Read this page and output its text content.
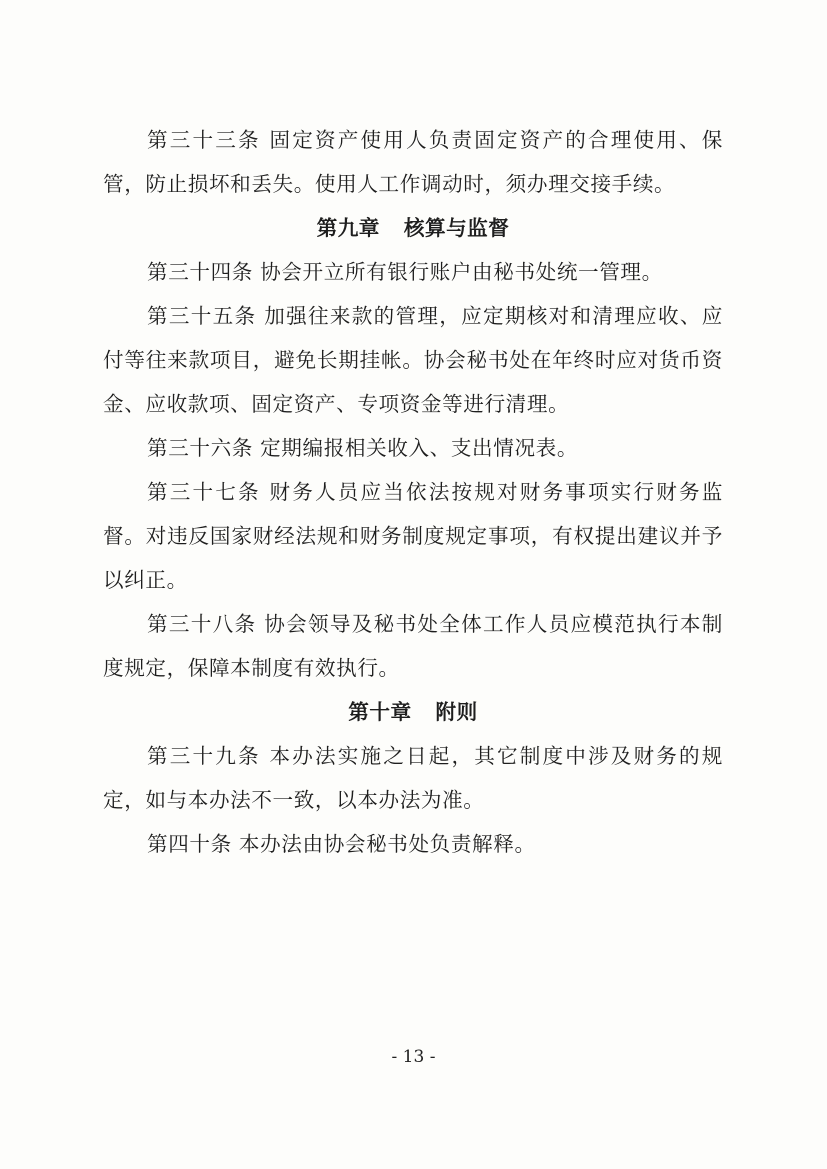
第三十三条 固定资产使用人负责固定资产的合理使用、保管，防止损坏和丢失。使用人工作调动时，须办理交接手续。

第九章 核算与监督

第三十四条 协会开立所有银行账户由秘书处统一管理。

第三十五条 加强往来款的管理，应定期核对和清理应收、应付等往来款项目，避免长期挂帐。协会秘书处在年终时应对货币资金、应收款项、固定资产、专项资金等进行清理。

第三十六条 定期编报相关收入、支出情况表。

第三十七条 财务人员应当依法按规对财务事项实行财务监督。对违反国家财经法规和财务制度规定事项，有权提出建议并予以纠正。

第三十八条 协会领导及秘书处全体工作人员应模范执行本制度规定，保障本制度有效执行。

第十章 附则

第三十九条 本办法实施之日起，其它制度中涉及财务的规定，如与本办法不一致，以本办法为准。

第四十条 本办法由协会秘书处负责解释。

- 13 -
